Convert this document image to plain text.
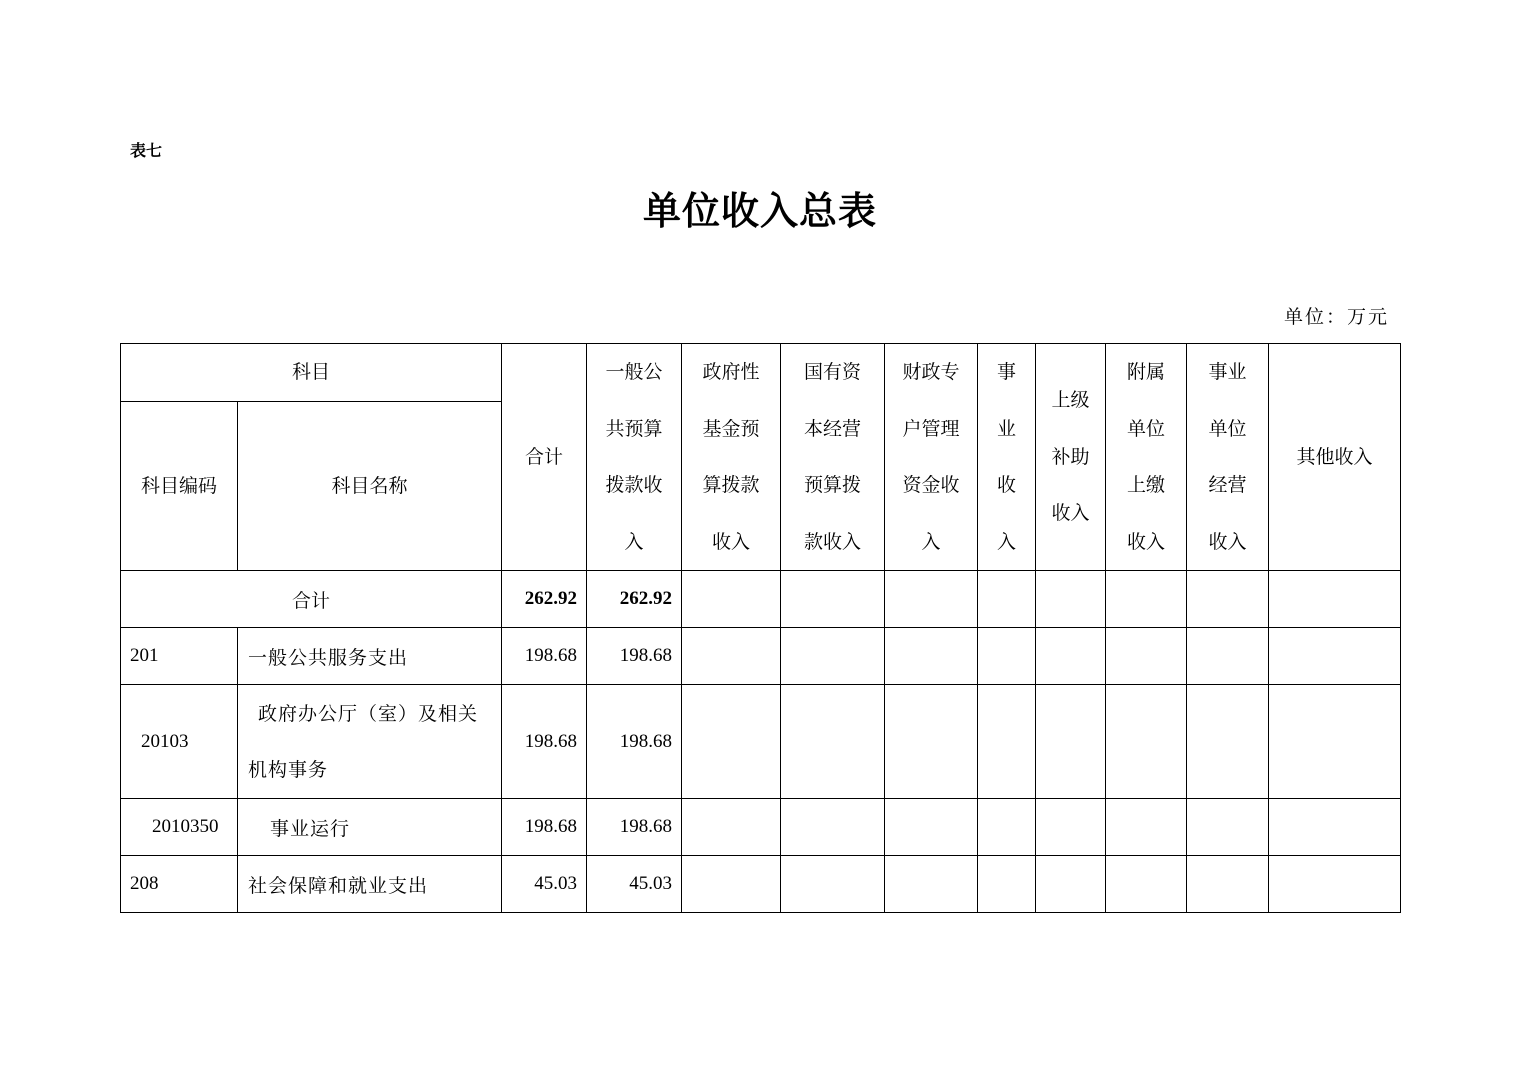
表七
单位收入总表
单位：万元
科目		合计	一般公共预算拨款收入	政府性基金预算拨款收入	国有资本经营预算拨款收入	财政专户管理资金收入	事业收入	上级补助收入	附属单位上缴收入	事业单位经营收入	其他收入
科目编码	科目名称										
合计		262.92	262.92								
201	一般公共服务支出	198.68	198.68								
20103	政府办公厅（室）及相关机构事务	198.68	198.68								
2010350	事业运行	198.68	198.68								
208	社会保障和就业支出	45.03	45.03								
